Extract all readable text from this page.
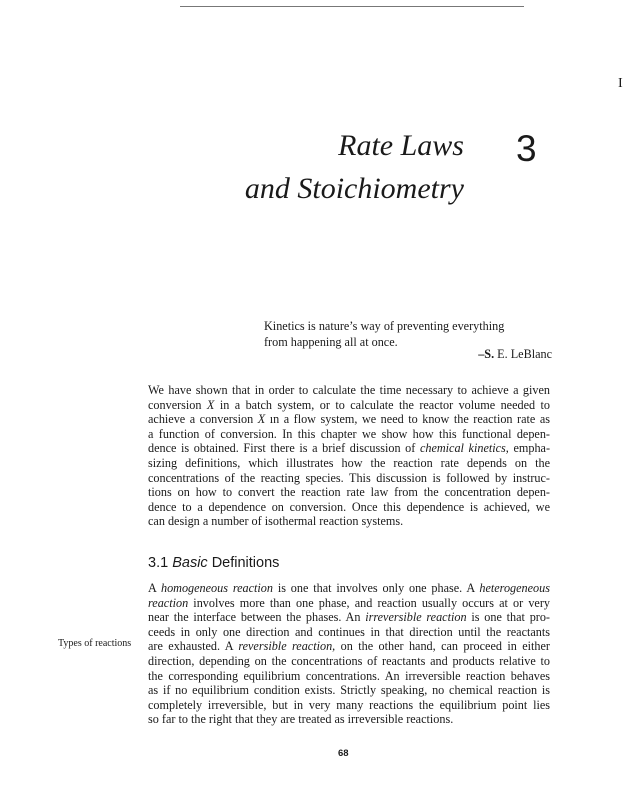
I
Rate Laws
and Stoichiometry
3
Kinetics is nature’s way of preventing everything
from happening all at once.
–S. E. LeBlanc
We have shown that in order to calculate the time necessary to achieve a given
conversion X in a batch system, or to calculate the reactor volume needed to
achieve a conversion X ın a flow system, we need to know the reaction rate as
a function of conversion. In this chapter we show how this functional depen-
dence is obtained. First there is a brief discussion of chemical kinetics, empha-
sizing definitions, which illustrates how the reaction rate depends on the
concentrations of the reacting species. This discussion is followed by instruc-
tions on how to convert the reaction rate law from the concentration depen-
dence to a dependence on conversion. Once this dependence is achieved, we
can design a number of isothermal reaction systems.
3.1 Basic Definitions
A homogeneous reaction is one that involves only one phase. A heterogeneous
reaction involves more than one phase, and reaction usually occurs at or very
near the interface between the phases. An irreversible reaction is one that pro-
ceeds in only one direction and continues in that direction until the reactants
are exhausted. A reversible reaction, on the other hand, can proceed in either
direction, depending on the concentrations of reactants and products relative to
the corresponding equilibrium concentrations. An irreversible reaction behaves
as if no equilibrium condition exists. Strictly speaking, no chemical reaction is
completely irreversible, but in very many reactions the equilibrium point lies
so far to the right that they are treated as irreversible reactions.
Types of reactions
68
